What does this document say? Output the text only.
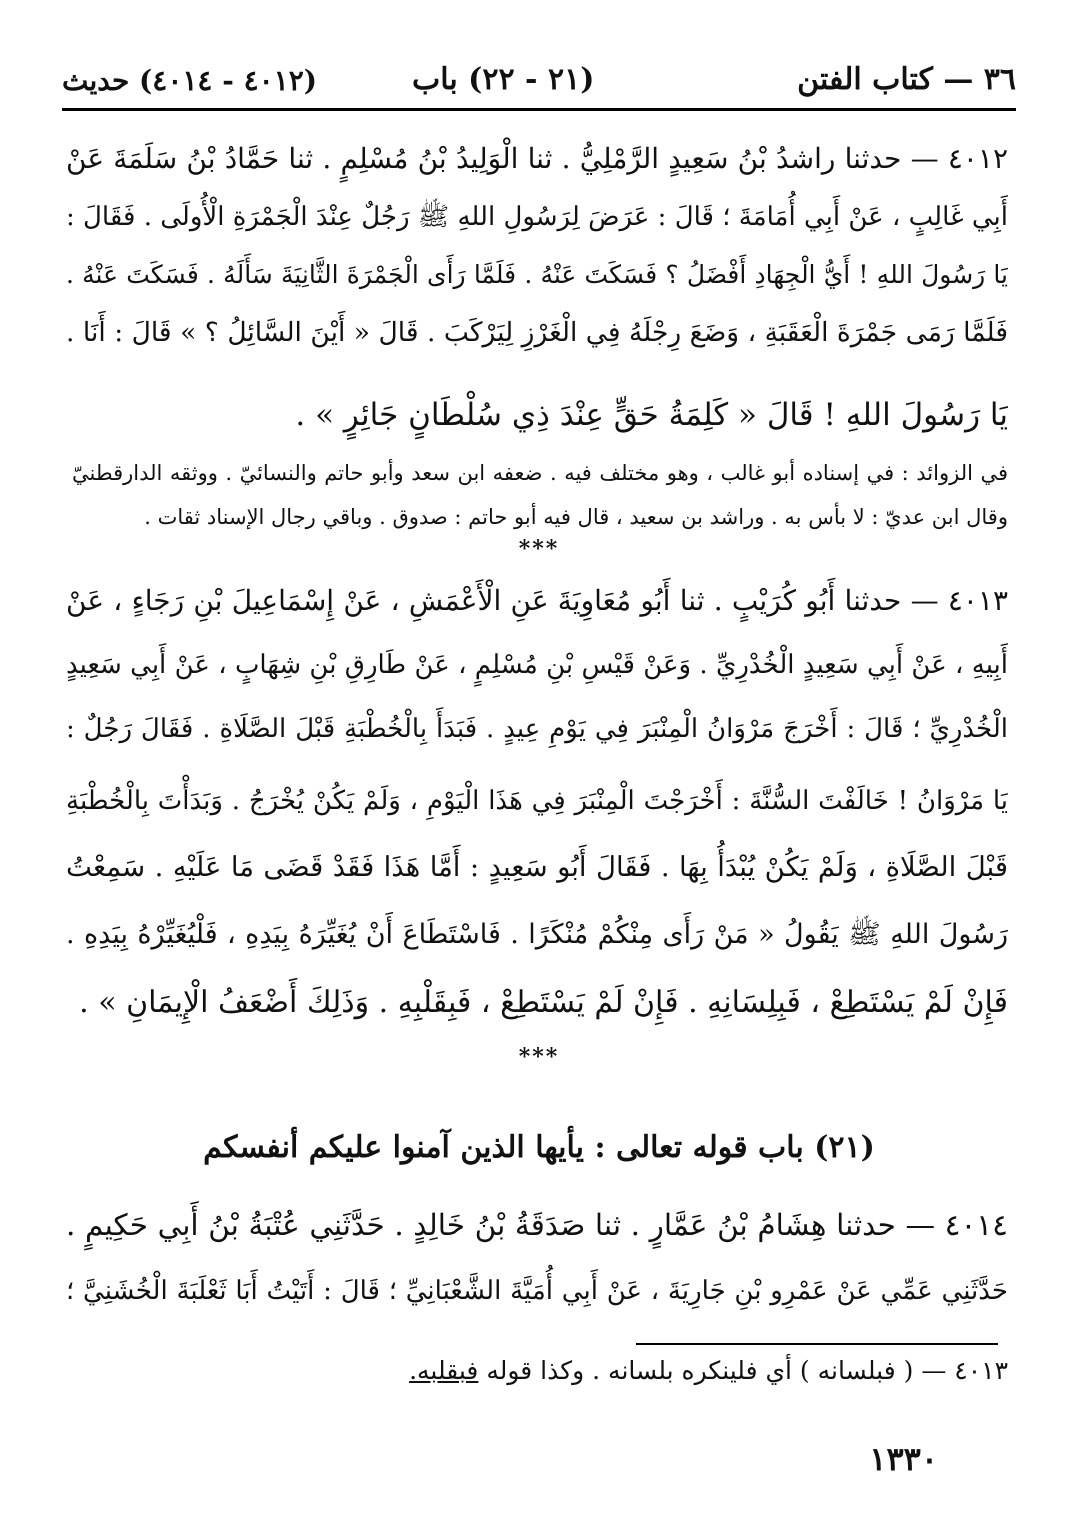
٣٦ — كتاب الفتن
(٢١ - ٢٢) باب
(٤٠١٢ - ٤٠١٤) حديث
٤٠١٢ — حدثنا راشدُ بْنُ سَعِيدٍ الرَّمْلِيُّ . ثنا الْوَلِيدُ بْنُ مُسْلِمٍ . ثنا حَمَّادُ بْنُ سَلَمَةَ عَنْ
أَبِي غَالِبٍ ، عَنْ أَبِي أُمَامَةَ ؛ قَالَ : عَرَضَ لِرَسُولِ اللهِ ﷺ رَجُلٌ عِنْدَ الْجَمْرَةِ الْأُولَى . فَقَالَ :
يَا رَسُولَ اللهِ ! أَيُّ الْجِهَادِ أَفْضَلُ ؟ فَسَكَتَ عَنْهُ . فَلَمَّا رَأَى الْجَمْرَةَ الثَّانِيَةَ سَأَلَهُ . فَسَكَتَ عَنْهُ .
فَلَمَّا رَمَى جَمْرَةَ الْعَقَبَةِ ، وَضَعَ رِجْلَهُ فِي الْغَرْزِ لِيَرْكَبَ . قَالَ « أَيْنَ السَّائِلُ ؟ » قَالَ : أَنَا .
يَا رَسُولَ اللهِ ! قَالَ « كَلِمَةُ حَقٍّ عِنْدَ ذِي سُلْطَانٍ جَائِرٍ » .
في الزوائد : في إسناده أبو غالب ، وهو مختلف فيه . ضعفه ابن سعد وأبو حاتم والنسائيّ . ووثقه الدارقطنيّ
وقال ابن عديّ : لا بأس به . وراشد بن سعيد ، قال فيه أبو حاتم : صدوق . وباقي رجال الإسناد ثقات .
***
٤٠١٣ — حدثنا أَبُو كُرَيْبٍ . ثنا أَبُو مُعَاوِيَةَ عَنِ الْأَعْمَشِ ، عَنْ إِسْمَاعِيلَ بْنِ رَجَاءٍ ، عَنْ
أَبِيهِ ، عَنْ أَبِي سَعِيدٍ الْخُدْرِيِّ . وَعَنْ قَيْسِ بْنِ مُسْلِمٍ ، عَنْ طَارِقِ بْنِ شِهَابٍ ، عَنْ أَبِي سَعِيدٍ
الْخُدْرِيِّ ؛ قَالَ : أَخْرَجَ مَرْوَانُ الْمِنْبَرَ فِي يَوْمِ عِيدٍ . فَبَدَأَ بِالْخُطْبَةِ قَبْلَ الصَّلَاةِ . فَقَالَ رَجُلٌ :
يَا مَرْوَانُ ! خَالَفْتَ السُّنَّةَ : أَخْرَجْتَ الْمِنْبَرَ فِي هَذَا الْيَوْمِ ، وَلَمْ يَكُنْ يُخْرَجُ . وَبَدَأْتَ بِالْخُطْبَةِ
قَبْلَ الصَّلَاةِ ، وَلَمْ يَكُنْ يُبْدَأُ بِهَا . فَقَالَ أَبُو سَعِيدٍ : أَمَّا هَذَا فَقَدْ قَضَى مَا عَلَيْهِ . سَمِعْتُ
رَسُولَ اللهِ ﷺ يَقُولُ « مَنْ رَأَى مِنْكُمْ مُنْكَرًا . فَاسْتَطَاعَ أَنْ يُغَيِّرَهُ بِيَدِهِ ، فَلْيُغَيِّرْهُ بِيَدِهِ .
فَإِنْ لَمْ يَسْتَطِعْ ، فَبِلِسَانِهِ . فَإِنْ لَمْ يَسْتَطِعْ ، فَبِقَلْبِهِ . وَذَلِكَ أَضْعَفُ الْإِيمَانِ » .
***
(٢١) باب قوله تعالى : يأيها الذين آمنوا عليكم أنفسكم
٤٠١٤ — حدثنا هِشَامُ بْنُ عَمَّارٍ . ثنا صَدَقَةُ بْنُ خَالِدٍ . حَدَّثَنِي عُتْبَةُ بْنُ أَبِي حَكِيمٍ .
حَدَّثَنِي عَمِّي عَنْ عَمْرِو بْنِ جَارِيَةَ ، عَنْ أَبِي أُمَيَّةَ الشَّعْبَانِيِّ ؛ قَالَ : أَتَيْتُ أَبَا ثَعْلَبَةَ الْخُشَنِيَّ ؛
٤٠١٣ — ( فبلسانه ) أي فلينكره بلسانه . وكذا قوله فبقلبه.
١٣٣٠
